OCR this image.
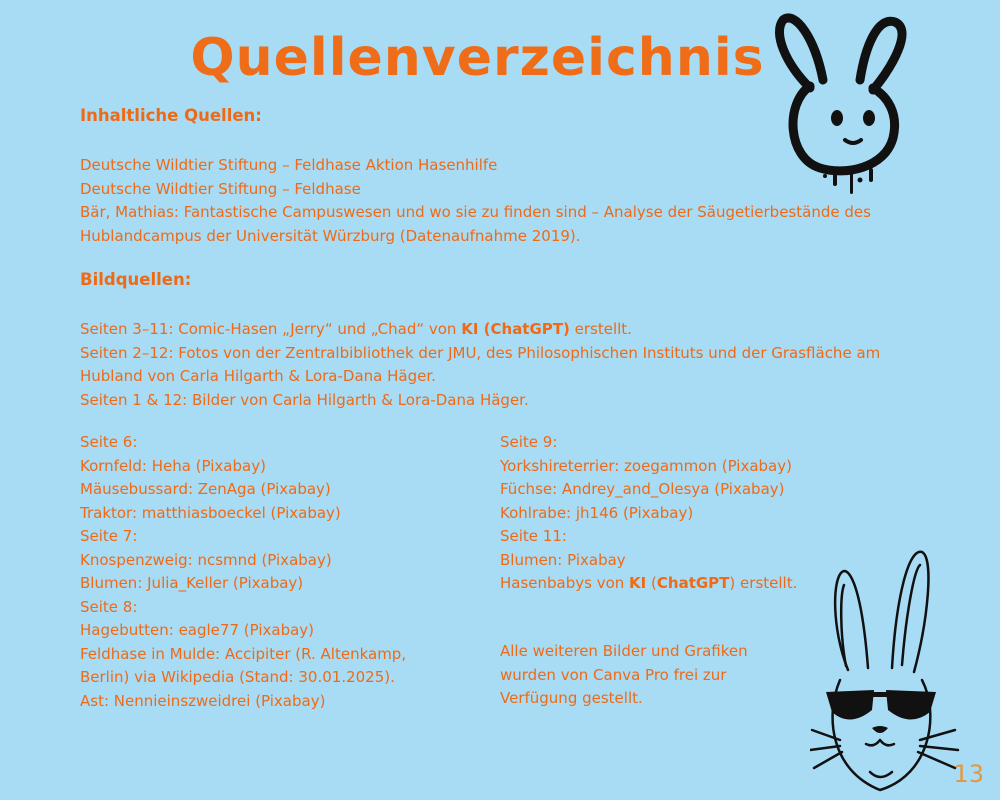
Quellenverzeichnis
Inhaltliche Quellen:
Deutsche Wildtier Stiftung – Feldhase Aktion Hasenhilfe
Deutsche Wildtier Stiftung – Feldhase
Bär, Mathias: Fantastische Campuswesen und wo sie zu finden sind – Analyse der Säugetierbestände des
Hublandcampus der Universität Würzburg (Datenaufnahme 2019).
Bildquellen:
Seiten 3–11: Comic-Hasen „Jerry“ und „Chad“ von KI (ChatGPT) erstellt.
Seiten 2–12: Fotos von der Zentralbibliothek der JMU, des Philosophischen Instituts und der Grasfläche am
Hubland von Carla Hilgarth & Lora-Dana Häger.
Seiten 1 & 12: Bilder von Carla Hilgarth & Lora-Dana Häger.
Seite 6:
Kornfeld: Heha (Pixabay)
Mäusebussard: ZenAga (Pixabay)
Traktor: matthiasboeckel (Pixabay)
Seite 7:
Knospenzweig: ncsmnd (Pixabay)
Blumen: Julia_Keller (Pixabay)
Seite 8:
Hagebutten: eagle77 (Pixabay)
Feldhase in Mulde: Accipiter (R. Altenkamp,
Berlin) via Wikipedia (Stand: 30.01.2025).
Ast: Nennieinszweidrei (Pixabay)
Seite 9:
Yorkshireterrier: zoegammon (Pixabay)
Füchse: Andrey_and_Olesya (Pixabay)
Kohlrabe: jh146 (Pixabay)
Seite 11:
Blumen: Pixabay
Hasenbabys von KI (ChatGPT) erstellt.
Alle weiteren Bilder und Grafiken
wurden von Canva Pro frei zur
Verfügung gestellt.
13
